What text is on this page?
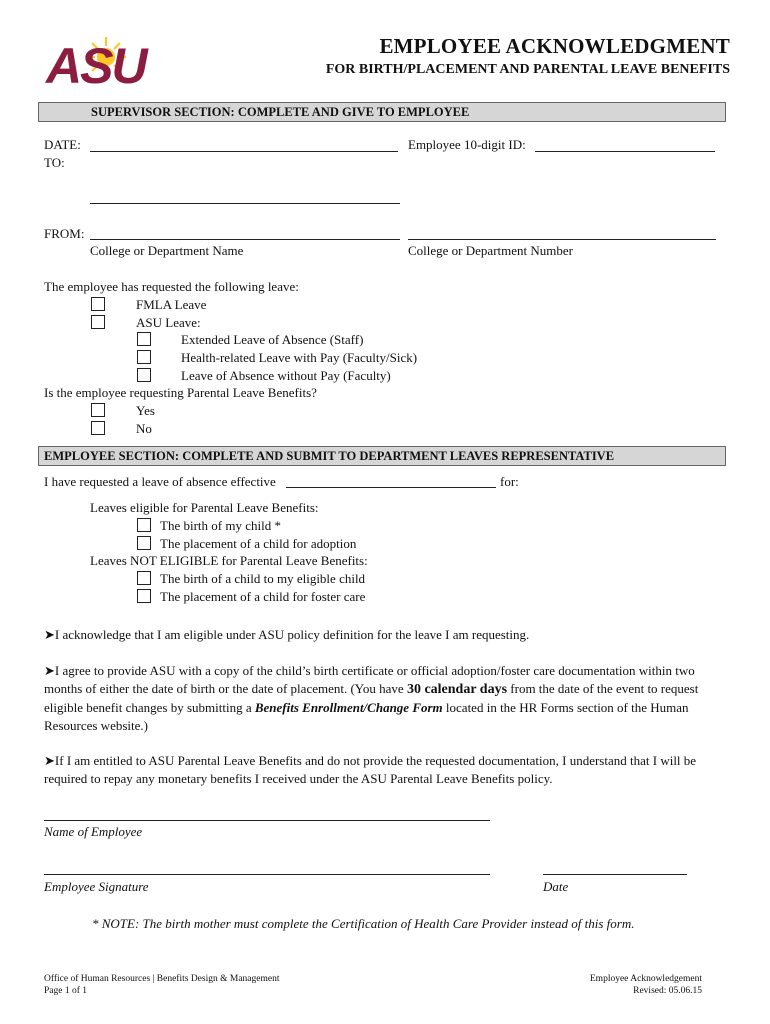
ASU	EMPLOYEE ACKNOWLEDGMENT
FOR BIRTH/PLACEMENT AND PARENTAL LEAVE BENEFITS
SUPERVISOR SECTION: COMPLETE AND GIVE TO EMPLOYEE
DATE:	Employee 10-digit ID:
TO:
FROM:
College or Department Name	College or Department Number
The employee has requested the following leave:
FMLA Leave
ASU Leave:
Extended Leave of Absence (Staff)
Health-related Leave with Pay (Faculty/Sick)
Leave of Absence without Pay (Faculty)
Is the employee requesting Parental Leave Benefits?
Yes
No
EMPLOYEE SECTION: COMPLETE AND SUBMIT TO DEPARTMENT LEAVES REPRESENTATIVE
I have requested a leave of absence effective	for:
Leaves eligible for Parental Leave Benefits:
The birth of my child *
The placement of a child for adoption
Leaves NOT ELIGIBLE for Parental Leave Benefits:
The birth of a child to my eligible child
The placement of a child for foster care
➤I acknowledge that I am eligible under ASU policy definition for the leave I am requesting.
➤I agree to provide ASU with a copy of the child’s birth certificate or official adoption/foster care documentation within two months of either the date of birth or the date of placement. (You have 30 calendar days from the date of the event to request eligible benefit changes by submitting a Benefits Enrollment/Change Form located in the HR Forms section of the Human Resources website.)
➤If I am entitled to ASU Parental Leave Benefits and do not provide the requested documentation, I understand that I will be required to repay any monetary benefits I received under the ASU Parental Leave Benefits policy.
Name of Employee
Employee Signature	Date
* NOTE: The birth mother must complete the Certification of Health Care Provider instead of this form.
Office of Human Resources | Benefits Design & Management
Page 1 of 1
Employee Acknowledgement
Revised: 05.06.15
